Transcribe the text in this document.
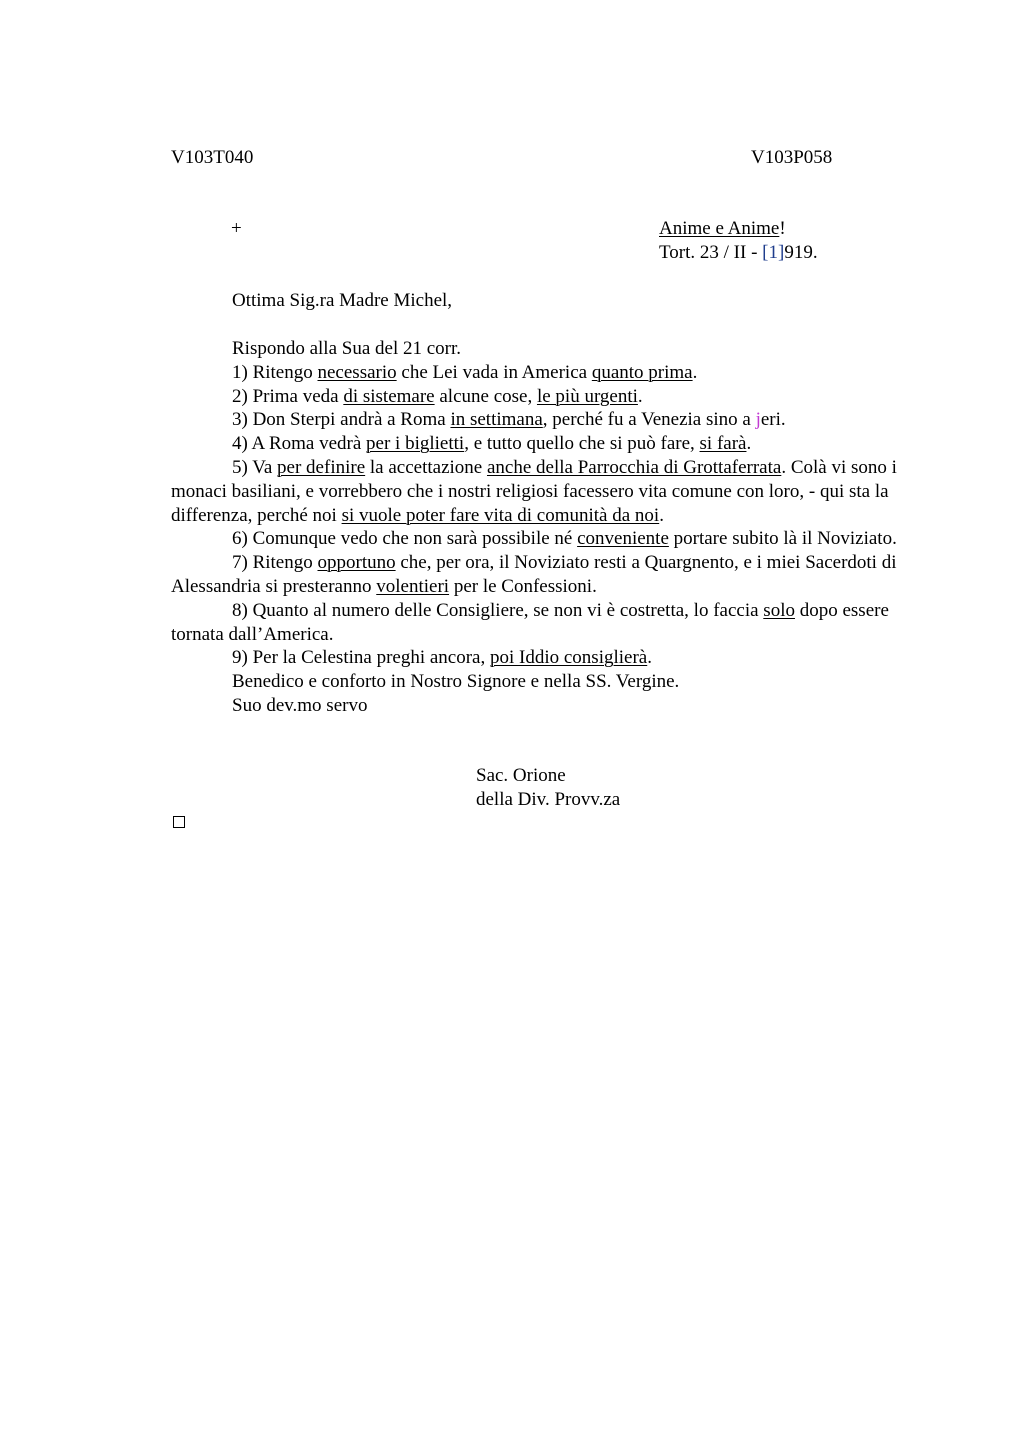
V103T040	V103P058
+	Anime e Anime!
Tort. 23 / II - [1]919.
Ottima Sig.ra Madre Michel,

Rispondo alla Sua del 21 corr.

1) Ritengo necessario che Lei vada in America quanto prima.

2) Prima veda di sistemare alcune cose, le più urgenti.

3) Don Sterpi andrà a Roma in settimana, perché fu a Venezia sino a jeri.

4) A Roma vedrà per i biglietti, e tutto quello che si può fare, si farà.

5) Va per definire la accettazione anche della Parrocchia di Grottaferrata. Colà vi sono i monaci basiliani, e vorrebbero che i nostri religiosi facessero vita comune con loro, - qui sta la differenza, perché noi si vuole poter fare vita di comunità da noi.

6) Comunque vedo che non sarà possibile né conveniente portare subito là il Noviziato.

7) Ritengo opportuno che, per ora, il Noviziato resti a Quargnento, e i miei Sacerdoti di Alessandria si presteranno volentieri per le Confessioni.

8) Quanto al numero delle Consigliere, se non vi è costretta, lo faccia solo dopo essere tornata dall’America.

9) Per la Celestina preghi ancora, poi Iddio consiglierà.

Benedico e conforto in Nostro Signore e nella SS. Vergine.

Suo dev.mo servo

Sac. Orione
della Div. Provv.za
